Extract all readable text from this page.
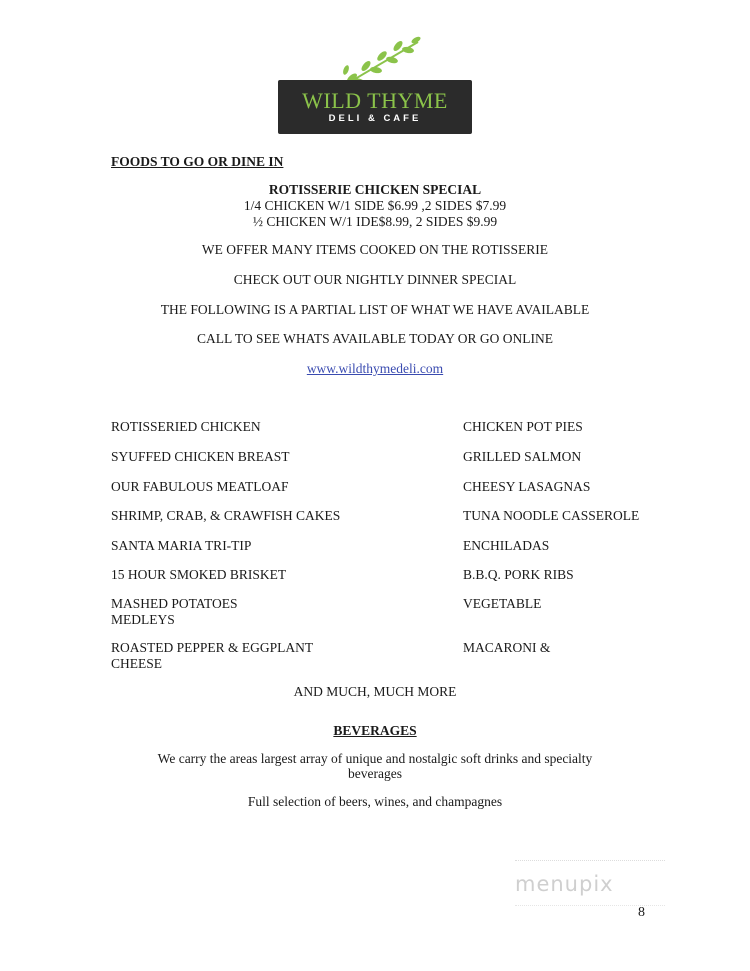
WILD THYME
DELI & CAFE
FOODS TO GO OR DINE IN
ROTISSERIE CHICKEN SPECIAL
1/4 CHICKEN W/1 SIDE $6.99 ,2 SIDES $7.99
½ CHICKEN W/1 IDE$8.99, 2 SIDES $9.99
WE OFFER MANY ITEMS COOKED ON THE ROTISSERIE
CHECK OUT OUR NIGHTLY DINNER SPECIAL
THE FOLLOWING IS A PARTIAL LIST OF WHAT WE HAVE AVAILABLE
CALL TO SEE WHATS AVAILABLE TODAY OR GO ONLINE
www.wildthymedeli.com
ROTISSERIED CHICKEN
SYUFFED CHICKEN BREAST
OUR FABULOUS MEATLOAF
SHRIMP, CRAB, & CRAWFISH CAKES
SANTA MARIA TRI-TIP
15 HOUR SMOKED BRISKET
MASHED POTATOES
MEDLEYS
ROASTED PEPPER & EGGPLANT
CHEESE
CHICKEN POT PIES
GRILLED SALMON
CHEESY LASAGNAS
TUNA NOODLE CASSEROLE
ENCHILADAS
B.B.Q. PORK RIBS
VEGETABLE
MACARONI &
AND MUCH, MUCH MORE
BEVERAGES
We carry the areas largest array of unique and nostalgic soft drinks and specialty
beverages
Full selection of beers, wines, and champagnes
menupix
8
